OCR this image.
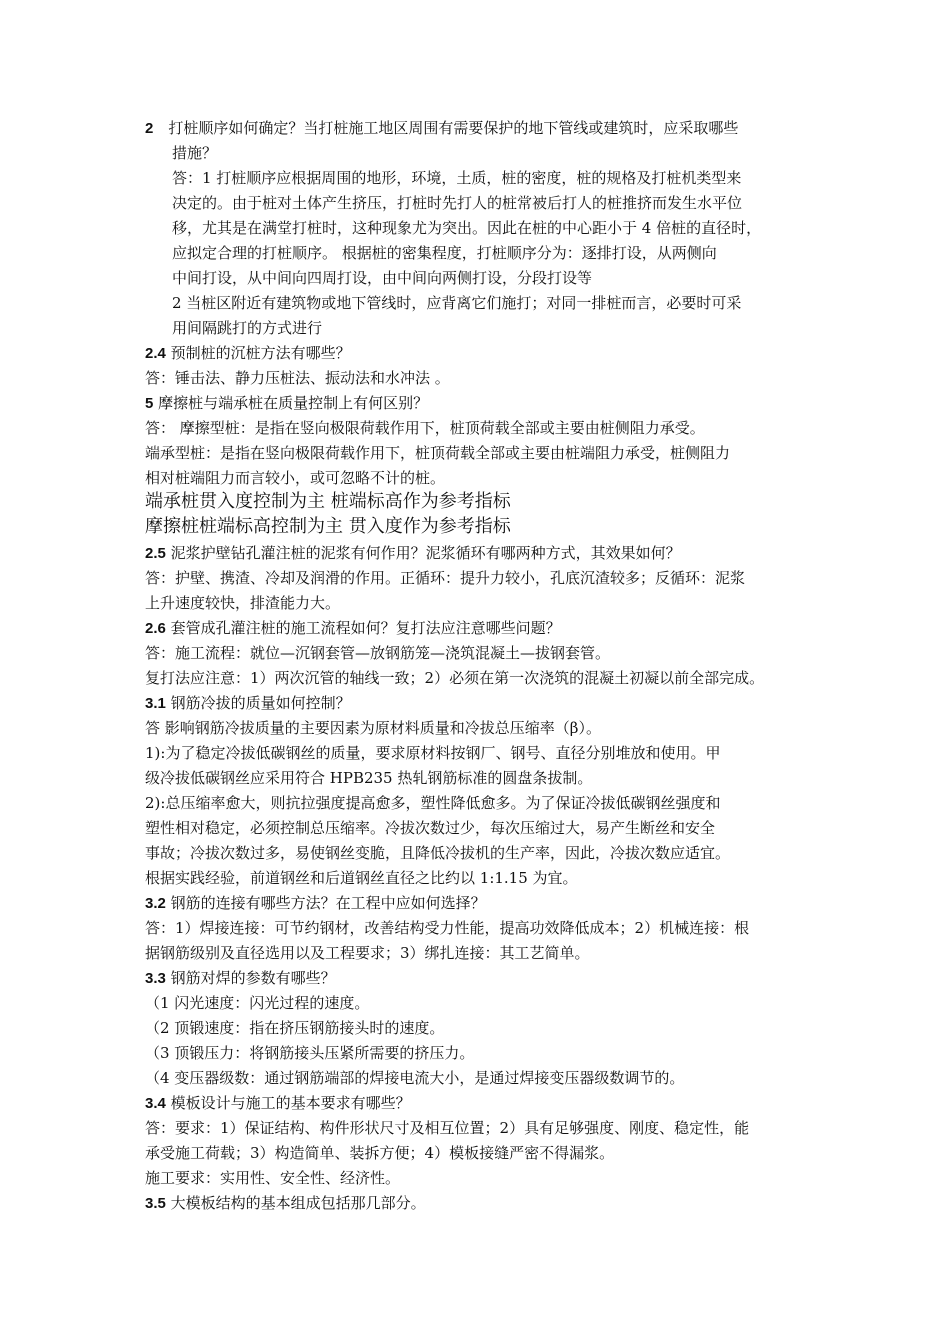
2 打桩顺序如何确定？当打桩施工地区周围有需要保护的地下管线或建筑时，应采取哪些
措施？
答：1 打桩顺序应根据周围的地形，环境，土质，桩的密度，桩的规格及打桩机类型来
决定的。由于桩对土体产生挤压，打桩时先打人的桩常被后打人的桩推挤而发生水平位
移，尤其是在满堂打桩时，这种现象尤为突出。因此在桩的中心距小于 4 倍桩的直径时，
应拟定合理的打桩顺序。 根据桩的密集程度，打桩顺序分为：逐排打设，从两侧向
中间打设，从中间向四周打设，由中间向两侧打设，分段打设等
2 当桩区附近有建筑物或地下管线时，应背离它们施打；对同一排桩而言，必要时可采
用间隔跳打的方式进行
2.4 预制桩的沉桩方法有哪些？
答：锤击法、静力压桩法、振动法和水冲法 。
5 摩擦桩与端承桩在质量控制上有何区别？
答： 摩擦型桩：是指在竖向极限荷载作用下，桩顶荷载全部或主要由桩侧阻力承受。
端承型桩：是指在竖向极限荷载作用下，桩顶荷载全部或主要由桩端阻力承受，桩侧阻力
相对桩端阻力而言较小，或可忽略不计的桩。
端承桩贯入度控制为主 桩端标高作为参考指标
摩擦桩桩端标高控制为主 贯入度作为参考指标
2.5 泥浆护壁钻孔灌注桩的泥浆有何作用？泥浆循环有哪两种方式，其效果如何？
答：护壁、携渣、冷却及润滑的作用。正循环：提升力较小，孔底沉渣较多；反循环：泥浆
上升速度较快，排渣能力大。
2.6 套管成孔灌注桩的施工流程如何？复打法应注意哪些问题？
答：施工流程：就位—沉钢套管—放钢筋笼—浇筑混凝土—拔钢套管。
复打法应注意：1）两次沉管的轴线一致；2）必须在第一次浇筑的混凝土初凝以前全部完成。
3.1 钢筋冷拔的质量如何控制？
答 影响钢筋冷拔质量的主要因素为原材料质量和冷拔总压缩率（β）。
1):为了稳定冷拔低碳钢丝的质量，要求原材料按钢厂、钢号、直径分别堆放和使用。甲
级冷拔低碳钢丝应采用符合 HPB235 热轧钢筋标准的圆盘条拔制。
2):总压缩率愈大，则抗拉强度提高愈多，塑性降低愈多。为了保证冷拔低碳钢丝强度和
塑性相对稳定，必须控制总压缩率。冷拔次数过少，每次压缩过大，易产生断丝和安全
事故；冷拔次数过多，易使钢丝变脆，且降低冷拔机的生产率，因此，冷拔次数应适宜。
根据实践经验，前道钢丝和后道钢丝直径之比约以 1:1.15 为宜。
3.2 钢筋的连接有哪些方法？在工程中应如何选择？
答：1）焊接连接：可节约钢材，改善结构受力性能，提高功效降低成本；2）机械连接：根
据钢筋级别及直径选用以及工程要求；3）绑扎连接：其工艺简单。
3.3 钢筋对焊的参数有哪些？
（1 闪光速度：闪光过程的速度。
（2 顶锻速度：指在挤压钢筋接头时的速度。
（3 顶锻压力：将钢筋接头压紧所需要的挤压力。
（4 变压器级数：通过钢筋端部的焊接电流大小，是通过焊接变压器级数调节的。
3.4 模板设计与施工的基本要求有哪些？
答：要求：1）保证结构、构件形状尺寸及相互位置；2）具有足够强度、刚度、稳定性，能
承受施工荷载；3）构造简单、装拆方便；4）模板接缝严密不得漏浆。
施工要求：实用性、安全性、经济性。
3.5 大模板结构的基本组成包括那几部分。
